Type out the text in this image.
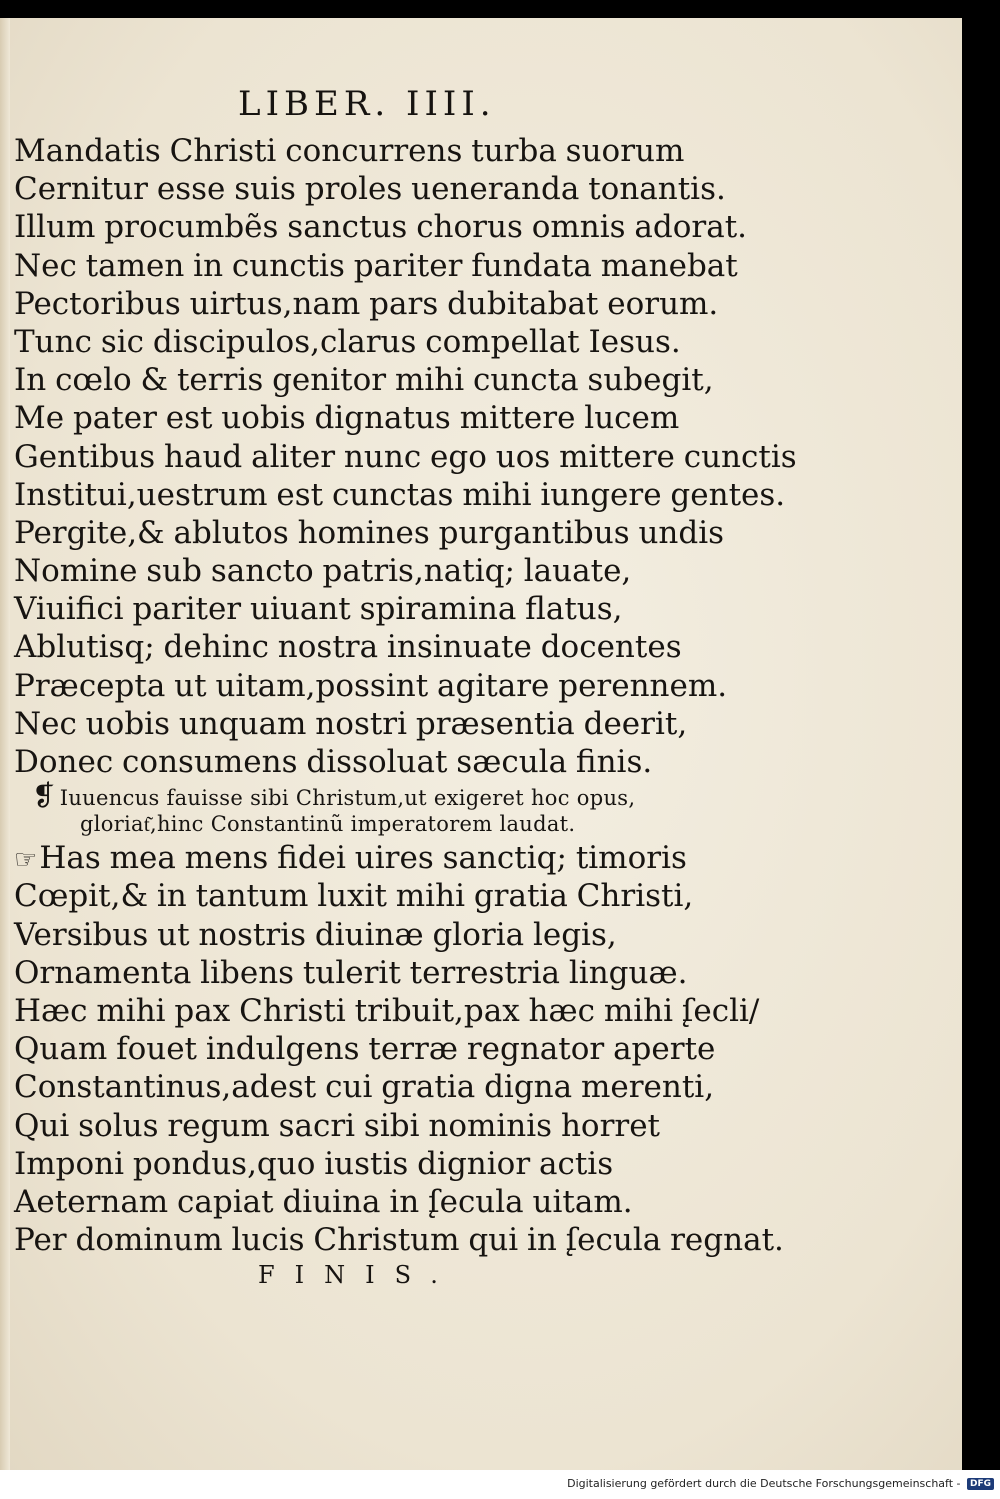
LIBER. IIII.
Mandatis Christi concurrens turba suorum
Cernitur esse suis proles ueneranda tonantis.
Illum procumbẽs sanctus chorus omnis adorat.
Nec tamen in cunctis pariter fundata manebat
Pectoribus uirtus,nam pars dubitabat eorum.
Tunc sic discipulos,clarus compellat Iesus.
In cœlo & terris genitor mihi cuncta subegit,
Me pater est uobis dignatus mittere lucem
Gentibus haud aliter nunc ego uos mittere cunctis
Institui,uestrum est cunctas mihi iungere gentes.
Pergite,& ablutos homines purgantibus undis
Nomine sub sancto patris,natiq; lauate,
Viuifici pariter uiuant spiramina flatus,
Ablutisq; dehinc nostra insinuate docentes
Præcepta ut uitam,possint agitare perennem.
Nec uobis unquam nostri præsentia deerit,
Donec consumens dissoluat sæcula finis.
❡ Iuuencus fauisse sibi Christum,ut exigeret hoc opus,
gloriat͂,hinc Constantinũ imperatorem laudat.
☞Has mea mens fidei uires sanctiq; timoris
Cœpit,& in tantum luxit mihi gratia Christi,
Versibus ut nostris diuinæ gloria legis,
Ornamenta libens tulerit terrestria linguæ.
Hæc mihi pax Christi tribuit,pax hæc mihi ſ̨ecli/
Quam fouet indulgens terræ regnator aperte
Constantinus,adest cui gratia digna merenti,
Qui solus regum sacri sibi nominis horret
Imponi pondus,quo iustis dignior actis
Aeternam capiat diuina in ſ̨ecula uitam.
Per dominum lucis Christum qui in ſ̨ecula regnat.
FINIS.
Digitalisierung gefördert durch die Deutsche Forschungsgemeinschaft - DFG
